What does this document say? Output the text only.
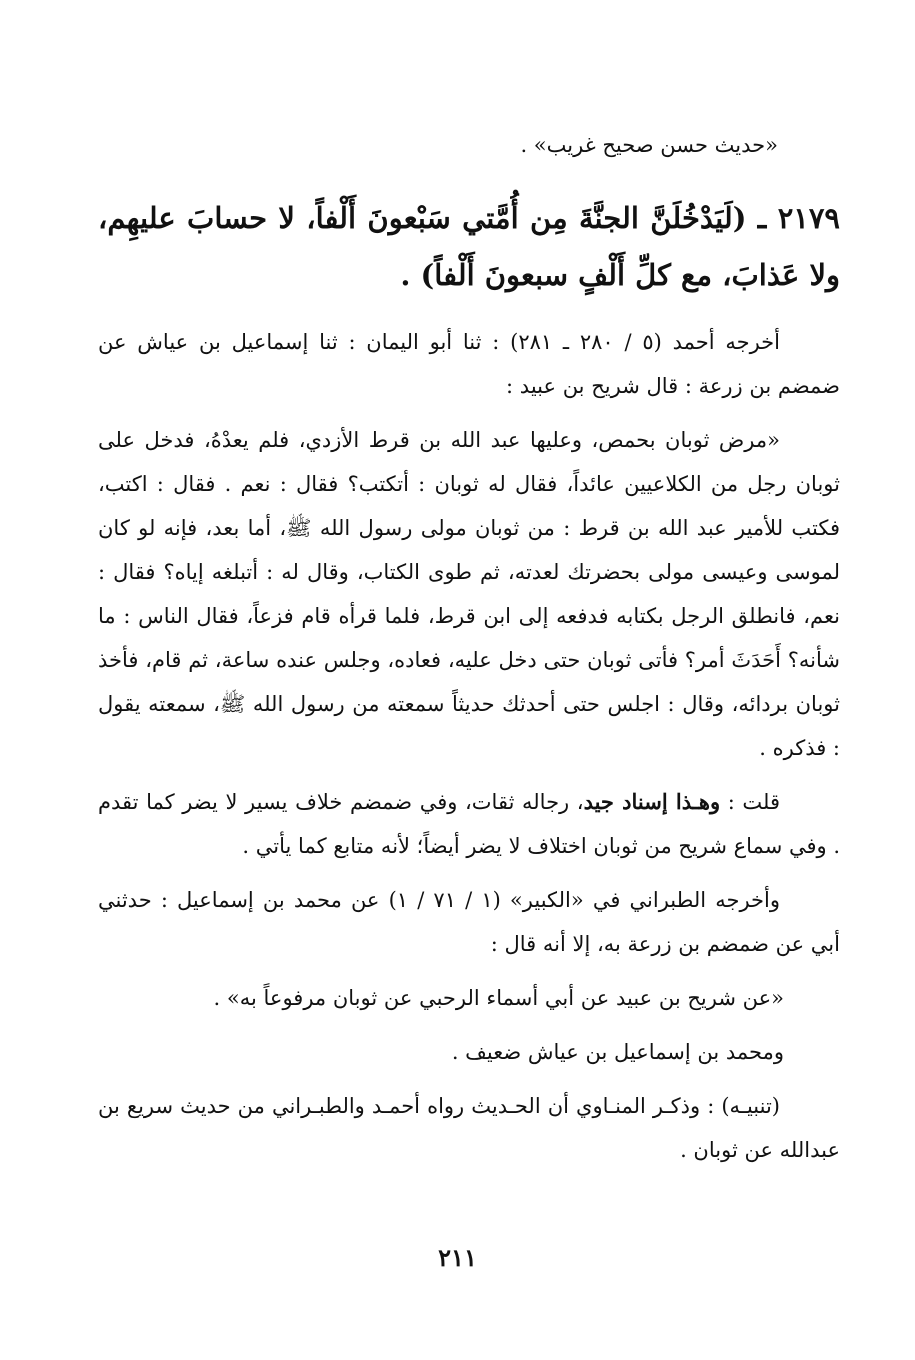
«حديث حسن صحيح غريب» .

٢١٧٩ ـ (لَيَدْخُلَنَّ الجنَّةَ مِن أُمَّتي سَبْعونَ أَلْفاً، لا حسابَ عليهِم، ولا عَذابَ، مع كلِّ أَلْفٍ سبعونَ أَلْفاً) .

أخرجه أحمد (٥ / ٢٨٠ ـ ٢٨١) : ثنا أبو اليمان : ثنا إسماعيل بن عياش عن ضمضم بن زرعة : قال شريح بن عبيد :

«مرض ثوبان بحمص، وعليها عبد الله بن قرط الأزدي، فلم يعدْهُ، فدخل على ثوبان رجل من الكلاعيين عائداً، فقال له ثوبان : أتكتب؟ فقال : نعم . فقال : اكتب، فكتب للأمير عبد الله بن قرط : من ثوبان مولى رسول الله ﷺ، أما بعد، فإنه لو كان لموسى وعيسى مولى بحضرتك لعدته، ثم طوى الكتاب، وقال له : أتبلغه إياه؟ فقال : نعم، فانطلق الرجل بكتابه فدفعه إلى ابن قرط، فلما قرأه قام فزعاً، فقال الناس : ما شأنه؟ أَحَدَثَ أمر؟ فأتى ثوبان حتى دخل عليه، فعاده، وجلس عنده ساعة، ثم قام، فأخذ ثوبان بردائه، وقال : اجلس حتى أحدثك حديثاً سمعته من رسول الله ﷺ، سمعته يقول : فذكره .

قلت : وهـذا إسناد جيد، رجاله ثقات، وفي ضمضم خلاف يسير لا يضر كما تقدم . وفي سماع شريح من ثوبان اختلاف لا يضر أيضاً؛ لأنه متابع كما يأتي .

وأخرجه الطبراني في «الكبير» (١ / ٧١ / ١) عن محمد بن إسماعيل : حدثني أبي عن ضمضم بن زرعة به، إلا أنه قال :

«عن شريح بن عبيد عن أبي أسماء الرحبي عن ثوبان مرفوعاً به» .

ومحمد بن إسماعيل بن عياش ضعيف .

(تنبيـه) : وذكـر المنـاوي أن الحـديث رواه أحمـد والطبـراني من حديث سريع بن عبدالله عن ثوبان .

٢١١
